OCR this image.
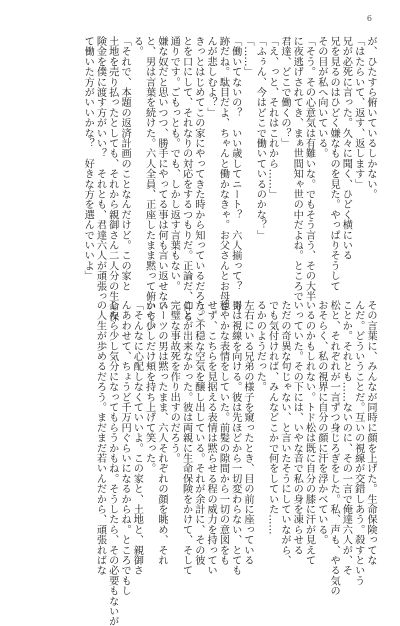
6

が、ひたすら俯いているしかない。

「はたらいて、返す、返します」

兄が必死に言った。久々に聞く、ひどく横にいる

兄を見るのはひどく嫌なものを見た。やっぱりそうして

その目が私へ向いている。

「そう。その心意気は有難いな。でもそう言う、その大半

に夜逃げされてき、まぁ世間知ゃ世の中だよね。ところで

君達、どこで働くの？」

「え、っと、それはこれから……」

「ふぅん、今はどこで働いているのかな？」

「……」

「働いてないの？　いい歳してニート？　六人揃って？　奇

跡だね。駄目だよ、ちゃんと働かなきゃ。お父さんとお母さ

んが悲しむよ？」

きっとはじめてこの家にやってきた時から知っているだろうこ

とを口にして、それなりの対応をするつもりだ。正論だ、仰る

通りです。ごもっとも。でも、しかし返す言葉もない。

嫌な奴だと思いつつ、勝手にやってる事は何も言い返せない

と、男は言葉を続けた。六人全員、正座したまま黙って俯いてい

る。

「それで、本題の返済計画のことなんだけど。この家と

土地を売り払ったとしても、それから親御さん二人分の生命保

険金を僕に渡す方がいい？　それとも、君達六人が頑張っ

て働いた方がいいかな？　好きな方を選んでいいよ」

その言葉に、みんなが同時に顔を上げた。生命保険ってな

んだ。どういうことだ。互いの視線が交錯しあう。殺すという

ことか。それとも……ないのに、その一言で俺達六人が、そ

松と、それぞれが一言ずつ身じろぎをした。私、声も、やる気の

おそらく、私の視界に自分の顔に汗を浮かべている。

いるのかもしれない。トド松は既に自分の膝に汗が見えて

いっていた。その下には、いやな音で私の身を凍らせる

ただの奇異な句じゃない、と言いたそうにしていながら、

でも気付ければ、みんなどこかで何をしていた……

るかのようだった。

左右にいる兄弟の様子を窺ったとき、目の前に座っている

男は視線を向ける。彼は先ほどから一切変わらない、とても

穏やかな表情をしていた。前髪の隙間から一切の意図をも

せず、こちらを見据える表情は黙らせる程の威力を持ってい

た。不穏な空気を醸し出している。それが余計に、その彼

ことが出来なかった。彼は両親に生命保険をかけて、そして

完璧な事故死を作り出すのだろう。

スーツの男は黙ったまま、六人それぞれの顔を眺め、それ

から少しだけ頬を持ち上げて笑った。

「そんなに心配しなくていいよ。この家と、土地と、親御さ

んあわせて、ちょうど千万円ぐらいになるからね。ところでもし

したら少し気分になってもらうかもね。そうしたら、その必要もないが

の人生が歩めるだろう。まだまだ若いんだから、頑張ればな
